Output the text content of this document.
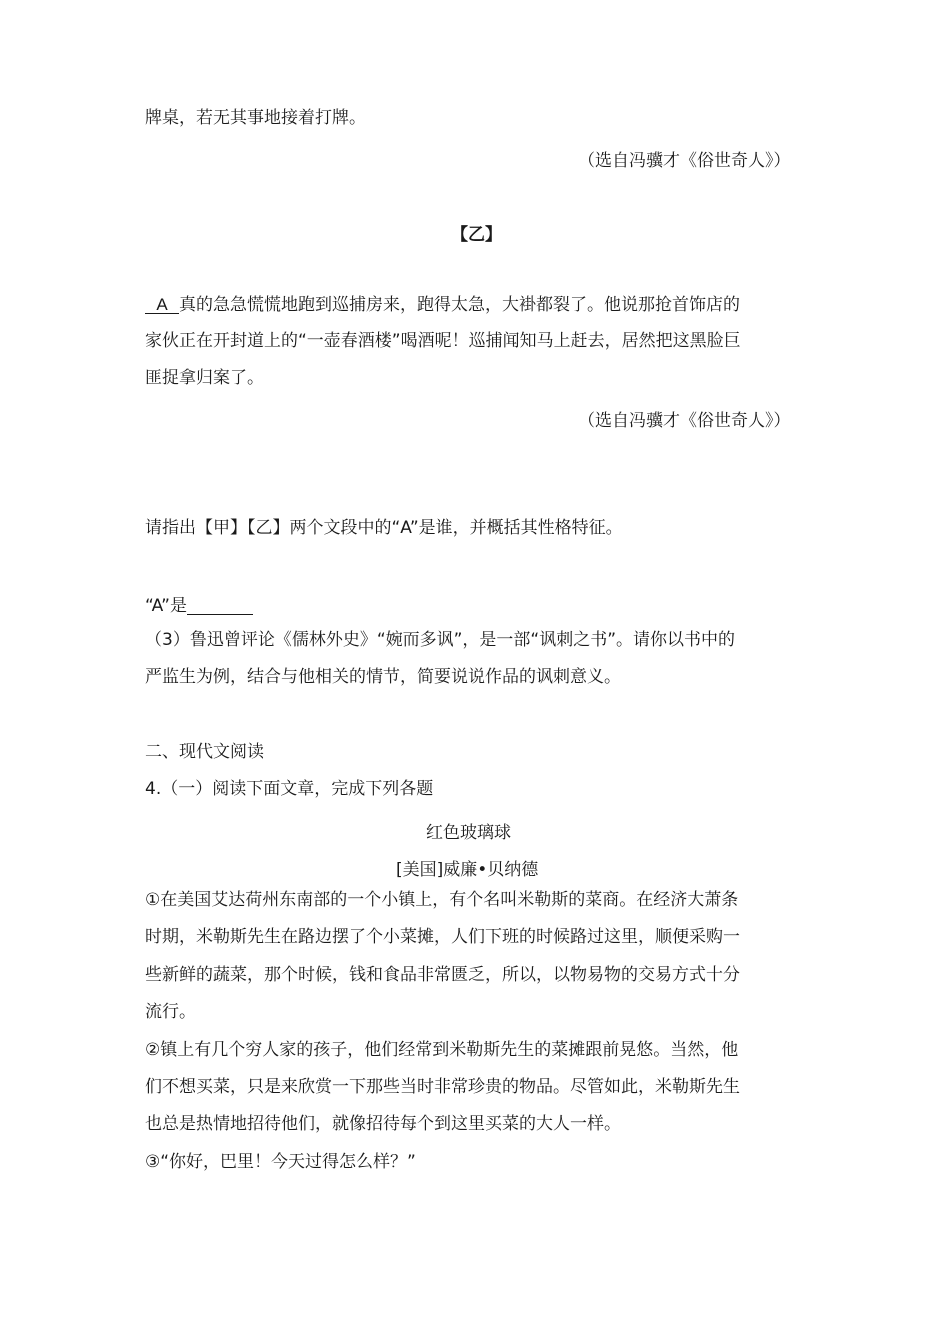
牌桌，若无其事地接着打牌。
（选自冯骥才《俗世奇人》）
【乙】
A 真的急急慌慌地跑到巡捕房来，跑得太急，大褂都裂了。他说那抢首饰店的
家伙正在开封道上的“一壶春酒楼”喝酒呢！巡捕闻知马上赶去，居然把这黑脸巨
匪捉拿归案了。
（选自冯骥才《俗世奇人》）
请指出【甲】【乙】两个文段中的“A”是谁，并概括其性格特征。
“A”是
（3）鲁迅曾评论《儒林外史》“婉而多讽”，是一部“讽刺之书”。请你以书中的
严监生为例，结合与他相关的情节，简要说说作品的讽刺意义。
二、现代文阅读
4.（一）阅读下面文章，完成下列各题
红色玻璃球
[美国]威廉•贝纳德
①在美国艾达荷州东南部的一个小镇上，有个名叫米勒斯的菜商。在经济大萧条
时期，米勒斯先生在路边摆了个小菜摊，人们下班的时候路过这里，顺便采购一
些新鲜的蔬菜，那个时候，钱和食品非常匮乏，所以，以物易物的交易方式十分
流行。
②镇上有几个穷人家的孩子，他们经常到米勒斯先生的菜摊跟前晃悠。当然，他
们不想买菜，只是来欣赏一下那些当时非常珍贵的物品。尽管如此，米勒斯先生
也总是热情地招待他们，就像招待每个到这里买菜的大人一样。
③“你好，巴里！今天过得怎么样？”
